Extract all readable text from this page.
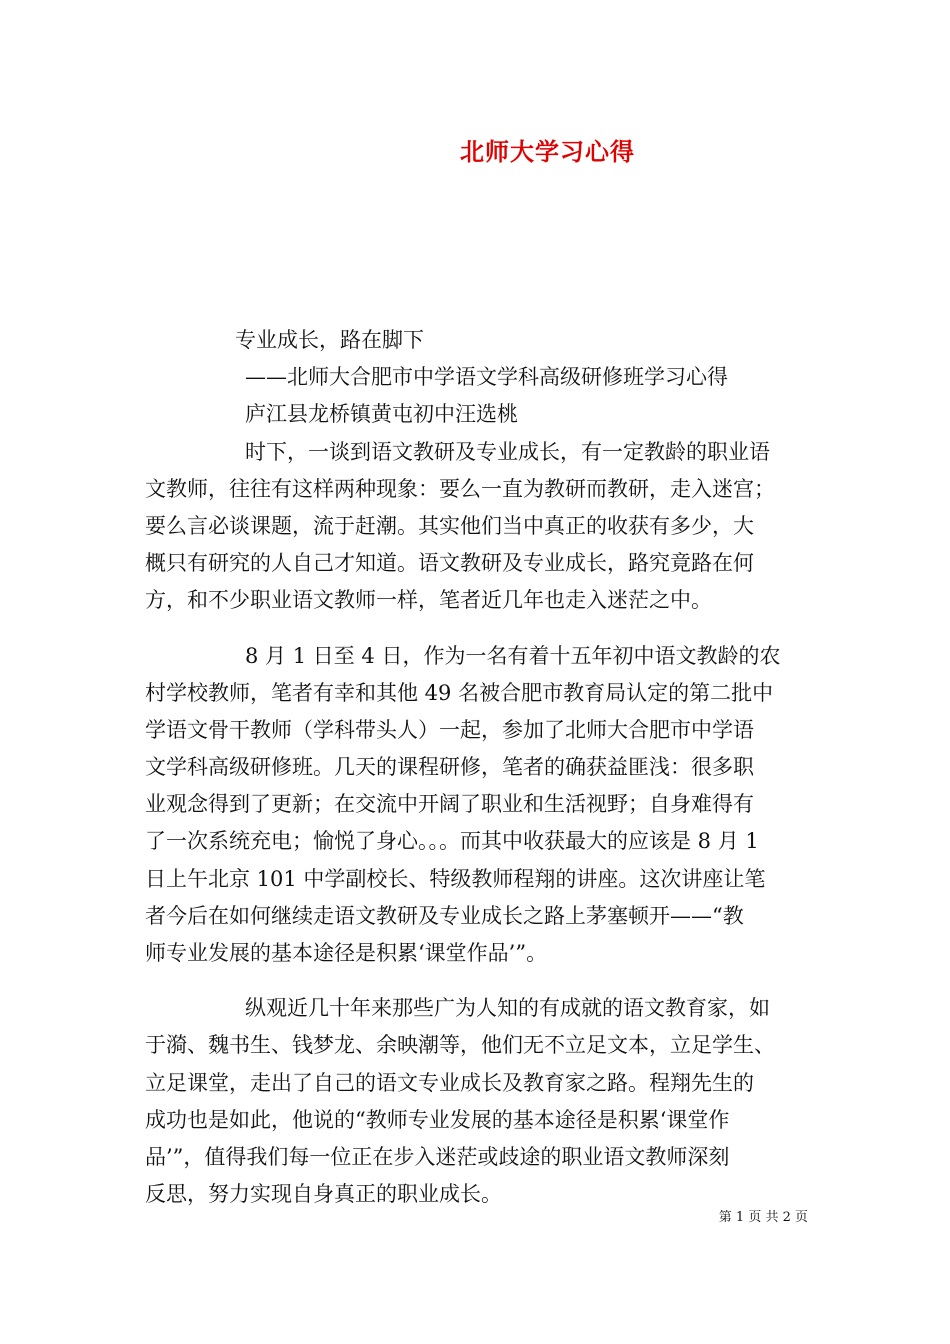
北师大学习心得
专业成长，路在脚下
——北师大合肥市中学语文学科高级研修班学习心得
庐江县龙桥镇黄屯初中汪选桃
时下，一谈到语文教研及专业成长，有一定教龄的职业语
文教师，往往有这样两种现象：要么一直为教研而教研，走入迷宫；
要么言必谈课题，流于赶潮。其实他们当中真正的收获有多少，大
概只有研究的人自己才知道。语文教研及专业成长，路究竟路在何
方，和不少职业语文教师一样，笔者近几年也走入迷茫之中。
8 月 1 日至 4 日，作为一名有着十五年初中语文教龄的农
村学校教师，笔者有幸和其他 49 名被合肥市教育局认定的第二批中
学语文骨干教师（学科带头人）一起，参加了北师大合肥市中学语
文学科高级研修班。几天的课程研修，笔者的确获益匪浅：很多职
业观念得到了更新；在交流中开阔了职业和生活视野；自身难得有
了一次系统充电；愉悦了身心。。。而其中收获最大的应该是 8 月 1
日上午北京 101 中学副校长、特级教师程翔的讲座。这次讲座让笔
者今后在如何继续走语文教研及专业成长之路上茅塞顿开——“教
师专业发展的基本途径是积累‘课堂作品’”。
纵观近几十年来那些广为人知的有成就的语文教育家，如
于漪、魏书生、钱梦龙、余映潮等，他们无不立足文本，立足学生、
立足课堂，走出了自己的语文专业成长及教育家之路。程翔先生的
成功也是如此，他说的“教师专业发展的基本途径是积累‘课堂作
品’”，值得我们每一位正在步入迷茫或歧途的职业语文教师深刻
反思，努力实现自身真正的职业成长。
第 1 页 共 2 页
